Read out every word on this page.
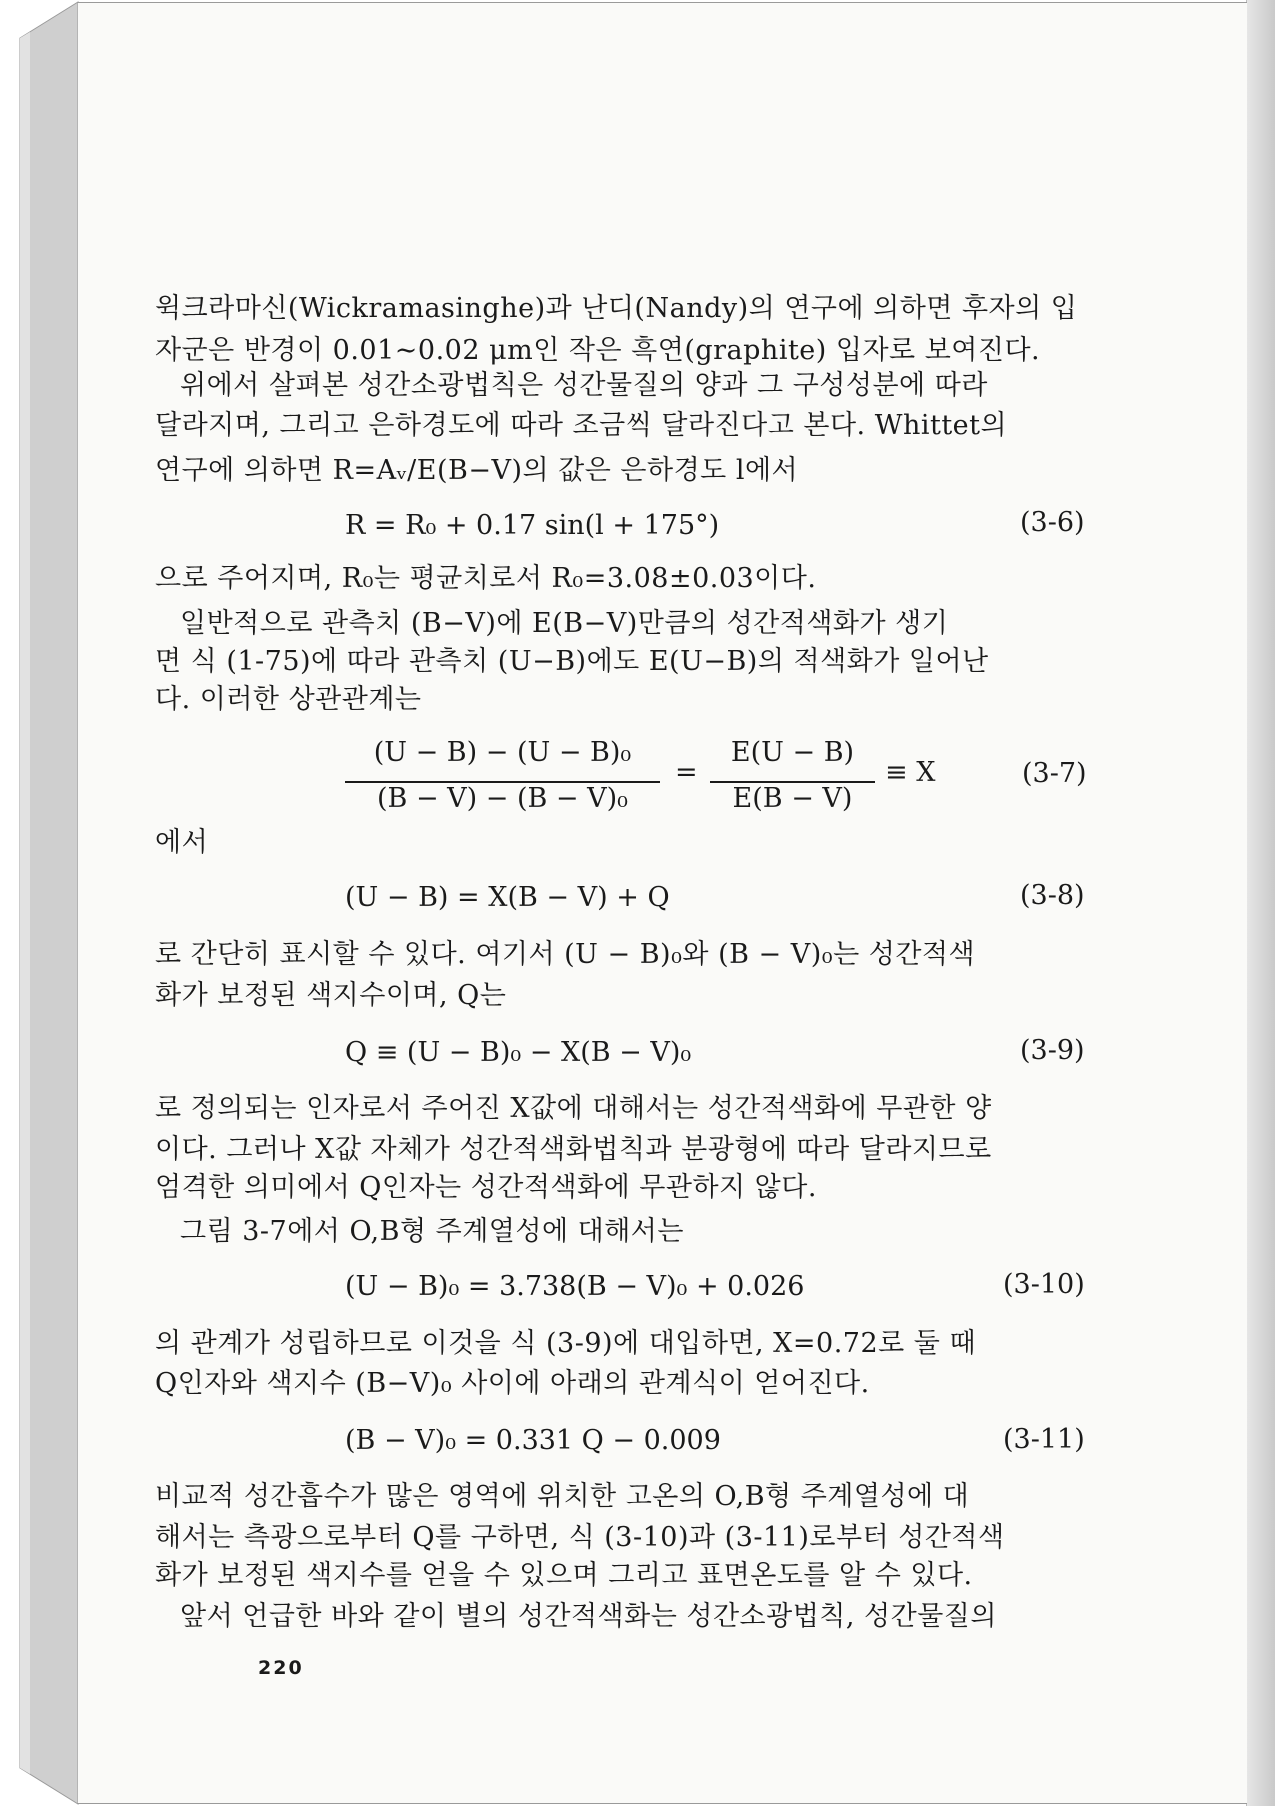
윅크라마신(Wickramasinghe)과 난디(Nandy)의 연구에 의하면 후자의 입
자군은 반경이 0.01∼0.02 μm인 작은 흑연(graphite) 입자로 보여진다.
위에서 살펴본 성간소광법칙은 성간물질의 양과 그 구성성분에 따라
달라지며, 그리고 은하경도에 따라 조금씩 달라진다고 본다. Whittet의
연구에 의하면 R=Aᵥ/E(B−V)의 값은 은하경도 l에서
R = R₀ + 0.17 sin(l + 175°)	(3-6)
으로 주어지며, R₀는 평균치로서 R₀=3.08±0.03이다.
일반적으로 관측치 (B−V)에 E(B−V)만큼의 성간적색화가 생기
면 식 (1-75)에 따라 관측치 (U−B)에도 E(U−B)의 적색화가 일어난
다. 이러한 상관관계는
(U − B) − (U − B)₀
(B − V) − (B − V)₀
=
E(U − B)
E(B − V)
≡ X	(3-7)
에서
(U − B) = X(B − V) + Q	(3-8)
로 간단히 표시할 수 있다. 여기서 (U − B)₀와 (B − V)₀는 성간적색
화가 보정된 색지수이며, Q는
Q ≡ (U − B)₀ − X(B − V)₀	(3-9)
로 정의되는 인자로서 주어진 X값에 대해서는 성간적색화에 무관한 양
이다. 그러나 X값 자체가 성간적색화법칙과 분광형에 따라 달라지므로
엄격한 의미에서 Q인자는 성간적색화에 무관하지 않다.
그림 3-7에서 O,B형 주계열성에 대해서는
(U − B)₀ = 3.738(B − V)₀ + 0.026	(3-10)
의 관계가 성립하므로 이것을 식 (3-9)에 대입하면, X=0.72로 둘 때
Q인자와 색지수 (B−V)₀ 사이에 아래의 관계식이 얻어진다.
(B − V)₀ = 0.331 Q − 0.009	(3-11)
비교적 성간흡수가 많은 영역에 위치한 고온의 O,B형 주계열성에 대
해서는 측광으로부터 Q를 구하면, 식 (3-10)과 (3-11)로부터 성간적색
화가 보정된 색지수를 얻을 수 있으며 그리고 표면온도를 알 수 있다.
앞서 언급한 바와 같이 별의 성간적색화는 성간소광법칙, 성간물질의
220
